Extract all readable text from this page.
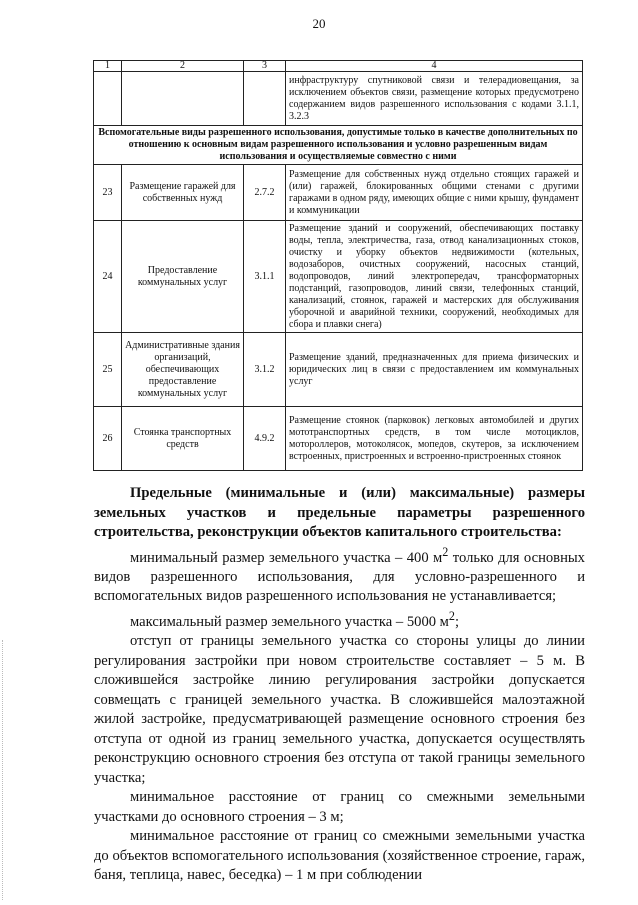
20
1	2	3	4
			инфраструктуру спутниковой связи и телерадиовещания, за исключением объектов связи, размещение которых предусмотрено содержанием видов разрешенного использования с кодами 3.1.1, 3.2.3
Вспомогательные виды разрешенного использования, допустимые только в качестве дополнительных по отношению к основным видам разрешенного использования и условно разрешенным видам использования и осуществляемые совместно с ними			
23	Размещение гаражей для собственных нужд	2.7.2	Размещение для собственных нужд отдельно стоящих гаражей и (или) гаражей, блокированных общими стенами с другими гаражами в одном ряду, имеющих общие с ними крышу, фундамент и коммуникации
24	Предоставление коммунальных услуг	3.1.1	Размещение зданий и сооружений, обеспечивающих поставку воды, тепла, электричества, газа, отвод канализационных стоков, очистку и уборку объектов недвижимости (котельных, водозаборов, очистных сооружений, насосных станций, водопроводов, линий электропередач, трансформаторных подстанций, газопроводов, линий связи, телефонных станций, канализаций, стоянок, гаражей и мастерских для обслуживания уборочной и аварийной техники, сооружений, необходимых для сбора и плавки снега)
25	Административные здания организаций, обеспечивающих предоставление коммунальных услуг	3.1.2	Размещение зданий, предназначенных для приема физических и юридических лиц в связи с предоставлением им коммунальных услуг
26	Стоянка транспортных средств	4.9.2	Размещение стоянок (парковок) легковых автомобилей и других мототранспортных средств, в том числе мотоциклов, мотороллеров, мотоколясок, мопедов, скутеров, за исключением встроенных, пристроенных и встроенно-пристроенных стоянок

Предельные (минимальные и (или) максимальные) размеры земельных участков и предельные параметры разрешенного строительства, реконструкции объектов капитального строительства:

минимальный размер земельного участка – 400 $м^2$ только для основных видов разрешенного использования, для условно-разрешенного и вспомогательных видов разрешенного использования не устанавливается;

максимальный размер земельного участка – 5000 $м^2$;

отступ от границы земельного участка со стороны улицы до линии регулирования застройки при новом строительстве составляет – 5 м. В сложившейся застройке линию регулирования застройки допускается совмещать с границей земельного участка. В сложившейся малоэтажной жилой застройке, предусматривающей размещение основного строения без отступа от одной из границ земельного участка, допускается осуществлять реконструкцию основного строения без отступа от такой границы земельного участка;

минимальное расстояние от границ со смежными земельными участками до основного строения – 3 м;

минимальное расстояние от границ со смежными земельными участка до объектов вспомогательного использования (хозяйственное строение, гараж, баня, теплица, навес, беседка) – 1 м при соблюдении
